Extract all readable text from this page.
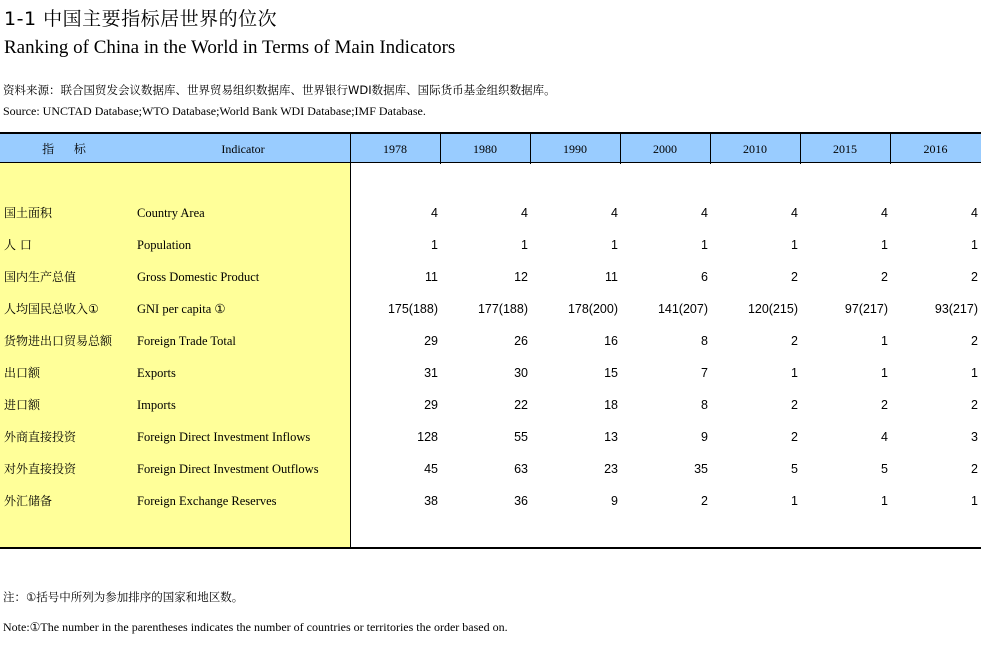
1-1 中国主要指标居世界的位次
Ranking of China in the World in Terms of Main Indicators
资料来源：联合国贸发会议数据库、世界贸易组织数据库、世界银行WDI数据库、国际货币基金组织数据库。
Source: UNCTAD Database;WTO Database;World Bank WDI Database;IMF Database.
指 标	Indicator	1978	1980	1990	2000	2010	2015	2016
国土面积	Country Area	4	4	4	4	4	4	4
人 口	Population	1	1	1	1	1	1	1
国内生产总值	Gross Domestic Product	11	12	11	6	2	2	2
人均国民总收入①	GNI per capita ①	175(188)	177(188)	178(200)	141(207)	120(215)	97(217)	93(217)
货物进出口贸易总额 Foreign Trade Total	29	26	16	8	2	1	2
出口额	Exports	31	30	15	7	1	1	1
进口额	Imports	29	22	18	8	2	2	2
外商直接投资	Foreign Direct Investment Inflows	128	55	13	9	2	4	3
对外直接投资	Foreign Direct Investment Outflows	45	63	23	35	5	5	2
外汇储备	Foreign Exchange Reserves	38	36	9	2	1	1	1
注：①括号中所列为参加排序的国家和地区数。
Note:①The number in the parentheses indicates the number of countries or territories the order based on.
